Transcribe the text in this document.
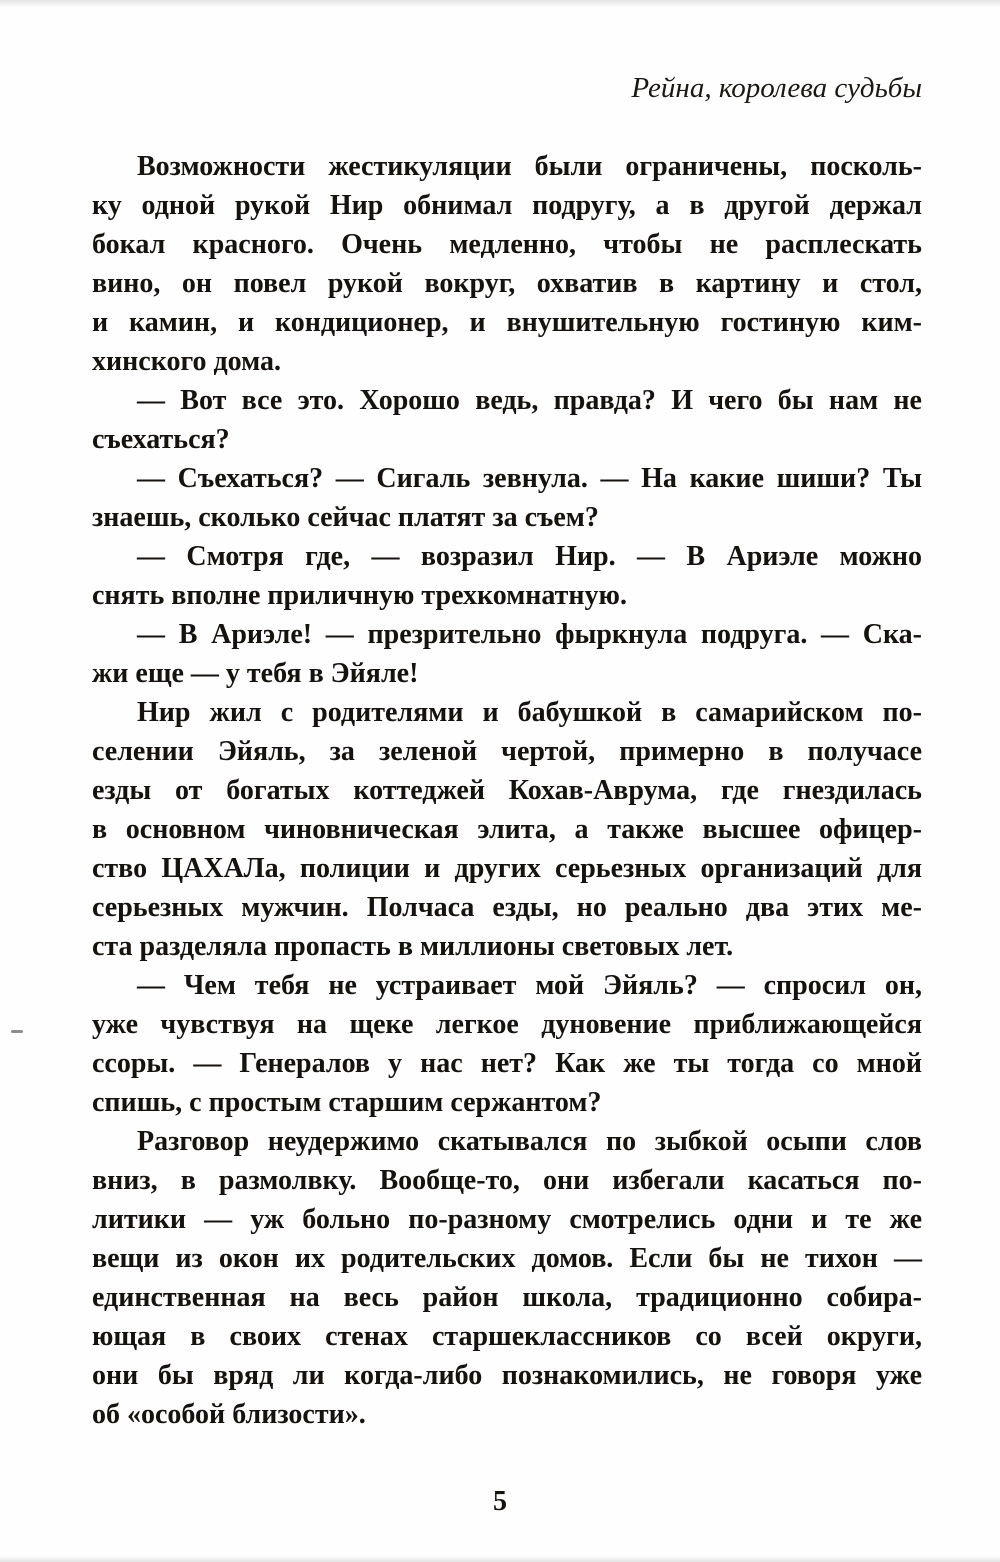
Рейна, королева судьбы
Возможности жестикуляции были ограничены, посколь-
ку одной рукой Нир обнимал подругу, а в другой держал
бокал красного. Очень медленно, чтобы не расплескать
вино, он повел рукой вокруг, охватив в картину и стол,
и камин, и кондиционер, и внушительную гостиную ким-
хинского дома.
— Вот все это. Хорошо ведь, правда? И чего бы нам не
съехаться?
— Съехаться? — Сигаль зевнула. — На какие шиши? Ты
знаешь, сколько сейчас платят за съем?
— Смотря где, — возразил Нир. — В Ариэле можно
снять вполне приличную трехкомнатную.
— В Ариэле! — презрительно фыркнула подруга. — Ска-
жи еще — у тебя в Эйяле!
Нир жил с родителями и бабушкой в самарийском по-
селении Эйяль, за зеленой чертой, примерно в получасе
езды от богатых коттеджей Кохав-Аврума, где гнездилась
в основном чиновническая элита, а также высшее офицер-
ство ЦАХАЛа, полиции и других серьезных организаций для
серьезных мужчин. Полчаса езды, но реально два этих ме-
ста разделяла пропасть в миллионы световых лет.
— Чем тебя не устраивает мой Эйяль? — спросил он,
уже чувствуя на щеке легкое дуновение приближающейся
ссоры. — Генералов у нас нет? Как же ты тогда со мной
спишь, с простым старшим сержантом?
Разговор неудержимо скатывался по зыбкой осыпи слов
вниз, в размолвку. Вообще-то, они избегали касаться по-
литики — уж больно по-разному смотрелись одни и те же
вещи из окон их родительских домов. Если бы не тихон —
единственная на весь район школа, традиционно собира-
ющая в своих стенах старшеклассников со всей округи,
они бы вряд ли когда-либо познакомились, не говоря уже
об «особой близости».
5
